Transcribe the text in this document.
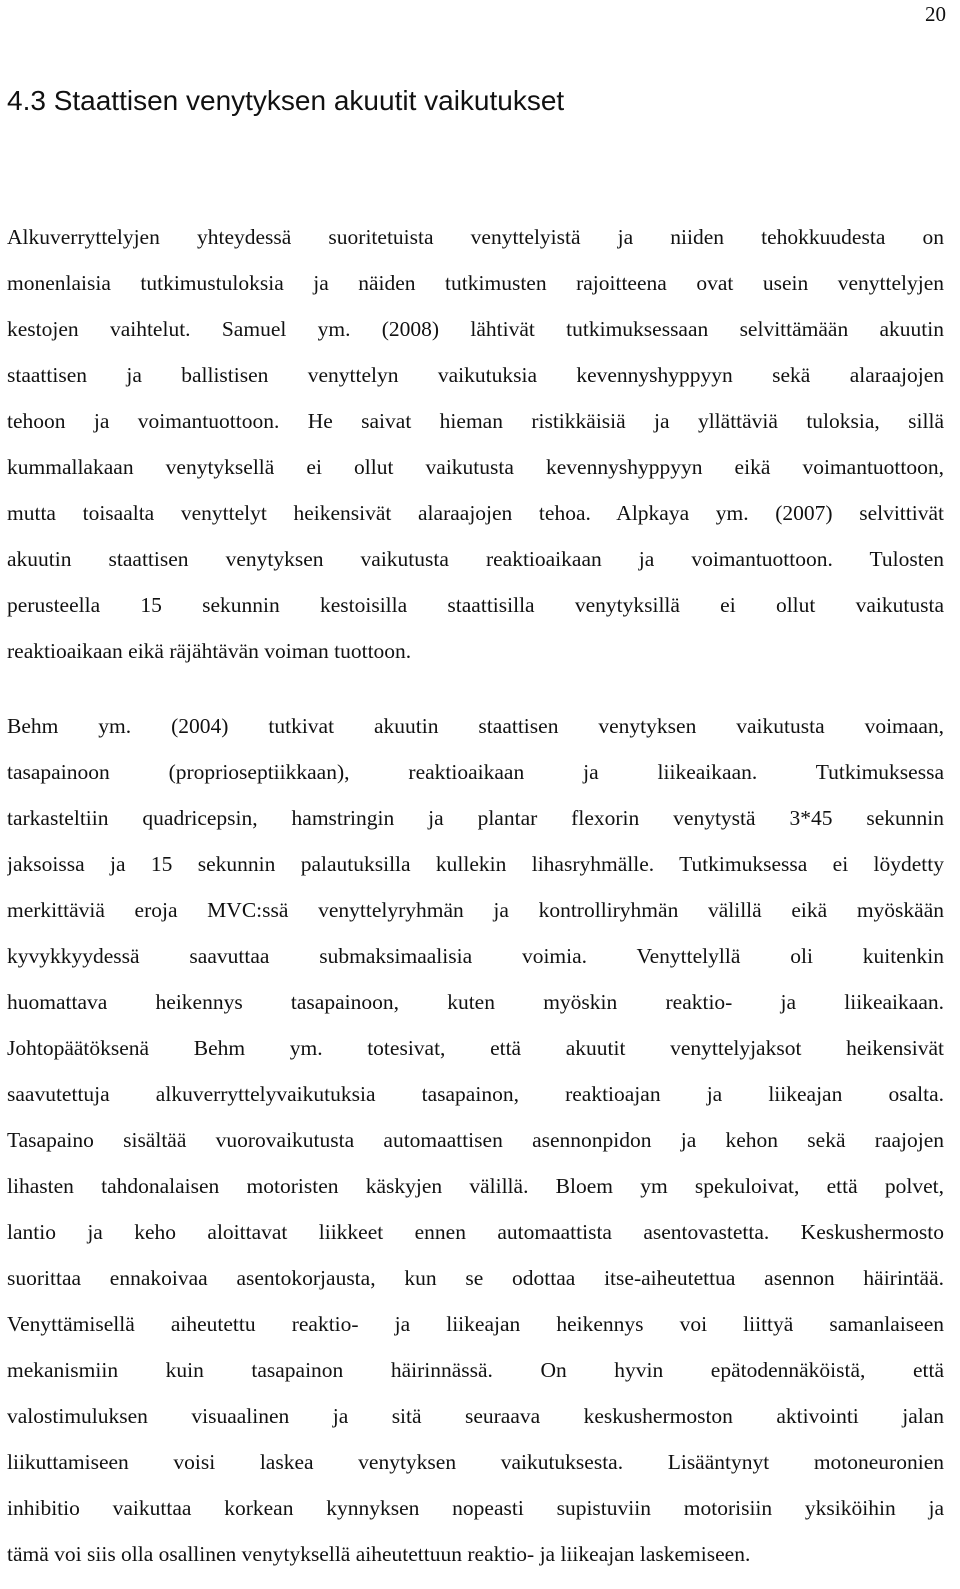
20
4.3 Staattisen venytyksen akuutit vaikutukset
Alkuverryttelyjen yhteydessä suoritetuista venyttelyistä ja niiden tehokkuudesta on
monenlaisia tutkimustuloksia ja näiden tutkimusten rajoitteena ovat usein venyttelyjen
kestojen vaihtelut. Samuel ym. (2008) lähtivät tutkimuksessaan selvittämään akuutin
staattisen ja ballistisen venyttelyn vaikutuksia kevennyshyppyyn sekä alaraajojen
tehoon ja voimantuottoon. He saivat hieman ristikkäisiä ja yllättäviä tuloksia, sillä
kummallakaan venytyksellä ei ollut vaikutusta kevennyshyppyyn eikä voimantuottoon,
mutta toisaalta venyttelyt heikensivät alaraajojen tehoa. Alpkaya ym. (2007) selvittivät
akuutin staattisen venytyksen vaikutusta reaktioaikaan ja voimantuottoon. Tulosten
perusteella 15 sekunnin kestoisilla staattisilla venytyksillä ei ollut vaikutusta
reaktioaikaan eikä räjähtävän voiman tuottoon.
Behm ym. (2004) tutkivat akuutin staattisen venytyksen vaikutusta voimaan,
tasapainoon (proprioseptiikkaan), reaktioaikaan ja liikeaikaan. Tutkimuksessa
tarkasteltiin quadricepsin, hamstringin ja plantar flexorin venytystä 3*45 sekunnin
jaksoissa ja 15 sekunnin palautuksilla kullekin lihasryhmälle. Tutkimuksessa ei löydetty
merkittäviä eroja MVC:ssä venyttelyryhmän ja kontrolliryhmän välillä eikä myöskään
kyvykkyydessä saavuttaa submaksimaalisia voimia. Venyttelyllä oli kuitenkin
huomattava heikennys tasapainoon, kuten myöskin reaktio- ja liikeaikaan.
Johtopäätöksenä Behm ym. totesivat, että akuutit venyttelyjaksot heikensivät
saavutettuja alkuverryttelyvaikutuksia tasapainon, reaktioajan ja liikeajan osalta.
Tasapaino sisältää vuorovaikutusta automaattisen asennonpidon ja kehon sekä raajojen
lihasten tahdonalaisen motoristen käskyjen välillä. Bloem ym spekuloivat, että polvet,
lantio ja keho aloittavat liikkeet ennen automaattista asentovastetta. Keskushermosto
suorittaa ennakoivaa asentokorjausta, kun se odottaa itse-aiheutettua asennon häirintää.
Venyttämisellä aiheutettu reaktio- ja liikeajan heikennys voi liittyä samanlaiseen
mekanismiin kuin tasapainon häirinnässä. On hyvin epätodennäköistä, että
valostimuluksen visuaalinen ja sitä seuraava keskushermoston aktivointi jalan
liikuttamiseen voisi laskea venytyksen vaikutuksesta. Lisääntynyt motoneuronien
inhibitio vaikuttaa korkean kynnyksen nopeasti supistuviin motorisiin yksiköihin ja
tämä voi siis olla osallinen venytyksellä aiheutettuun reaktio- ja liikeajan laskemiseen.
